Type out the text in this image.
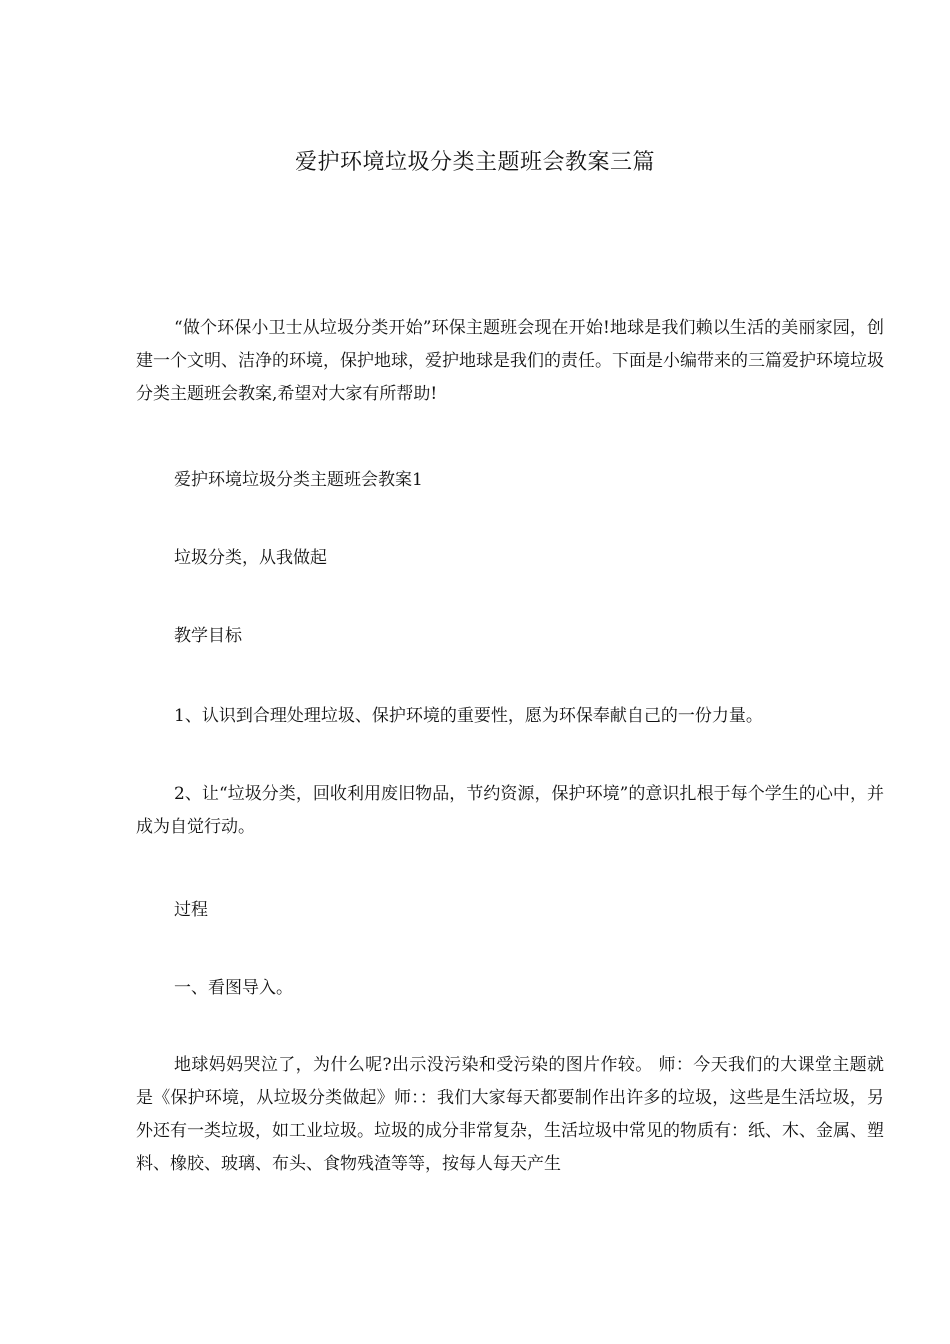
爱护环境垃圾分类主题班会教案三篇

“做个环保小卫士从垃圾分类开始”环保主题班会现在开始!地球是我们赖以生活的美丽家园，创建一个文明、洁净的环境，保护地球，爱护地球是我们的责任。下面是小编带来的三篇爱护环境垃圾分类主题班会教案,希望对大家有所帮助!

爱护环境垃圾分类主题班会教案1

垃圾分类，从我做起

教学目标

1、认识到合理处理垃圾、保护环境的重要性，愿为环保奉献自己的一份力量。

2、让“垃圾分类，回收利用废旧物品，节约资源，保护环境”的意识扎根于每个学生的心中，并成为自觉行动。

过程

一、看图导入。

地球妈妈哭泣了，为什么呢?出示没污染和受污染的图片作较。 师：今天我们的大课堂主题就是《保护环境，从垃圾分类做起》师：：我们大家每天都要制作出许多的垃圾，这些是生活垃圾，另外还有一类垃圾，如工业垃圾。垃圾的成分非常复杂，生活垃圾中常见的物质有：纸、木、金属、塑料、橡胶、玻璃、布头、食物残渣等等，按每人每天产生
